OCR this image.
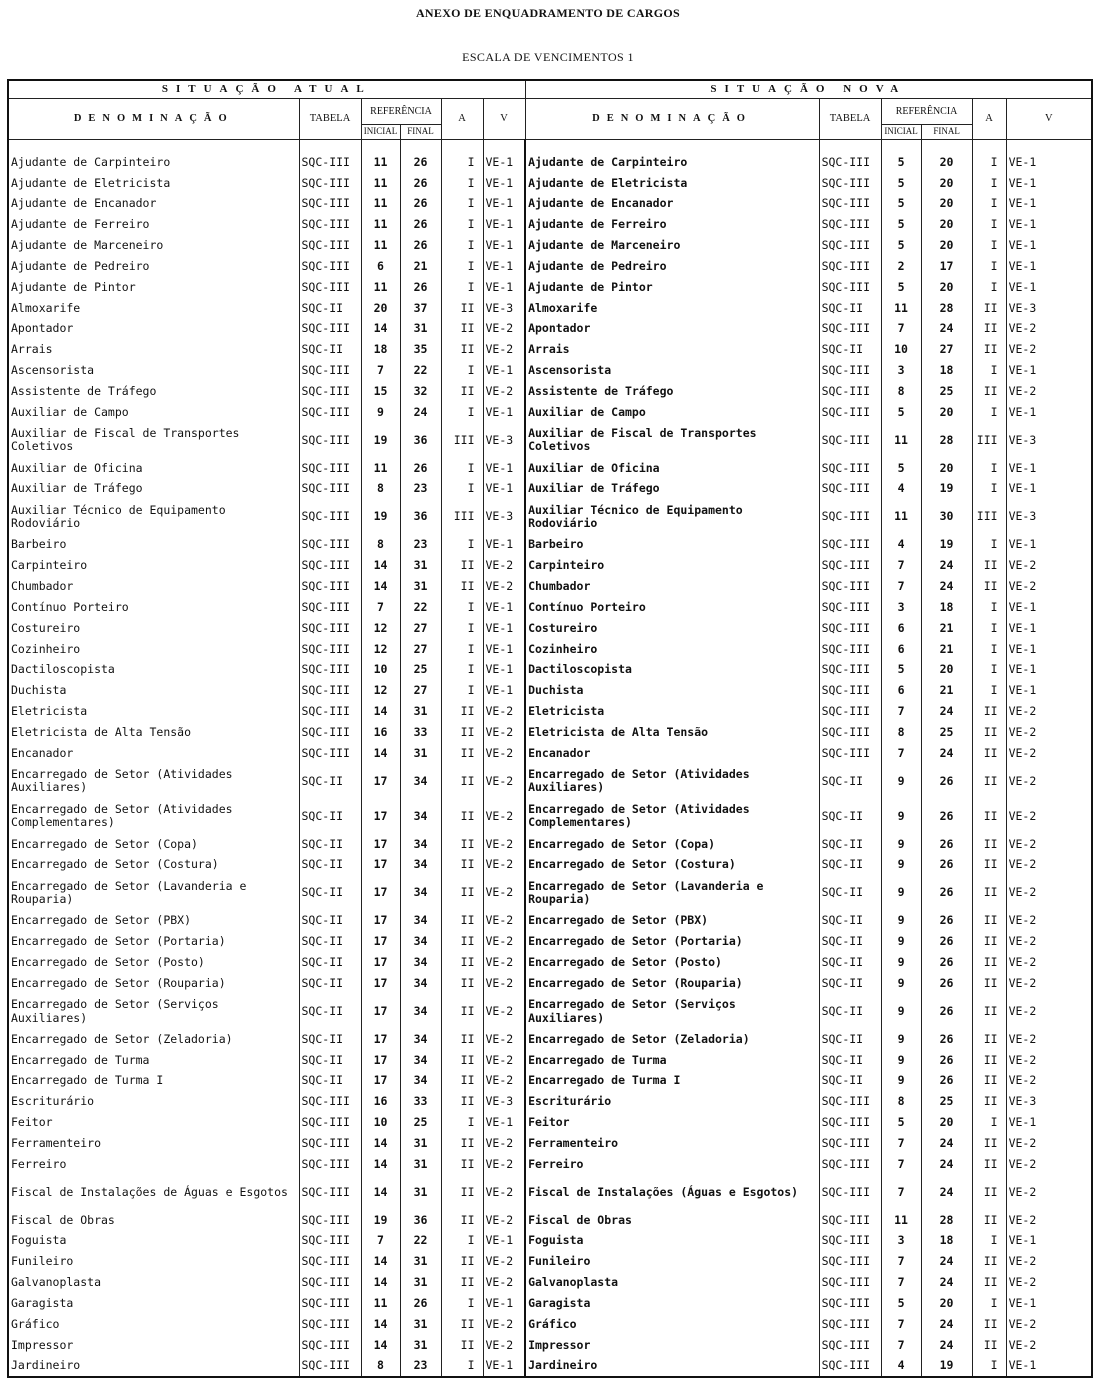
ANEXO DE ENQUADRAMENTO DE CARGOS
ESCALA DE VENCIMENTOS 1
SITUAÇÃO ATUAL						SITUAÇÃO NOVA					
DENOMINAÇÃO	TABELA	REFERÊNCIA		A	V	DENOMINAÇÃO	TABELA	REFERÊNCIA		A	V
		INICIAL	FINAL					INICIAL	FINAL		

Ajudante de Carpinteiro	SQC-III	11	26	I	VE-1	Ajudante de Carpinteiro	SQC-III	5	20	I	VE-1
Ajudante de Eletricista	SQC-III	11	26	I	VE-1	Ajudante de Eletricista	SQC-III	5	20	I	VE-1
Ajudante de Encanador	SQC-III	11	26	I	VE-1	Ajudante de Encanador	SQC-III	5	20	I	VE-1
Ajudante de Ferreiro	SQC-III	11	26	I	VE-1	Ajudante de Ferreiro	SQC-III	5	20	I	VE-1
Ajudante de Marceneiro	SQC-III	11	26	I	VE-1	Ajudante de Marceneiro	SQC-III	5	20	I	VE-1
Ajudante de Pedreiro	SQC-III	6	21	I	VE-1	Ajudante de Pedreiro	SQC-III	2	17	I	VE-1
Ajudante de Pintor	SQC-III	11	26	I	VE-1	Ajudante de Pintor	SQC-III	5	20	I	VE-1
Almoxarife	SQC-II	20	37	II	VE-3	Almoxarife	SQC-II	11	28	II	VE-3
Apontador	SQC-III	14	31	II	VE-2	Apontador	SQC-III	7	24	II	VE-2
Arrais	SQC-II	18	35	II	VE-2	Arrais	SQC-II	10	27	II	VE-2
Ascensorista	SQC-III	7	22	I	VE-1	Ascensorista	SQC-III	3	18	I	VE-1
Assistente de Tráfego	SQC-III	15	32	II	VE-2	Assistente de Tráfego	SQC-III	8	25	II	VE-2
Auxiliar de Campo	SQC-III	9	24	I	VE-1	Auxiliar de Campo	SQC-III	5	20	I	VE-1
Auxiliar de Fiscal de Transportes Coletivos	SQC-III	19	36	III	VE-3	Auxiliar de Fiscal de Transportes Coletivos	SQC-III	11	28	III	VE-3
Auxiliar de Oficina	SQC-III	11	26	I	VE-1	Auxiliar de Oficina	SQC-III	5	20	I	VE-1
Auxiliar de Tráfego	SQC-III	8	23	I	VE-1	Auxiliar de Tráfego	SQC-III	4	19	I	VE-1
Auxiliar Técnico de Equipamento Rodoviário	SQC-III	19	36	III	VE-3	Auxiliar Técnico de Equipamento Rodoviário	SQC-III	11	30	III	VE-3
Barbeiro	SQC-III	8	23	I	VE-1	Barbeiro	SQC-III	4	19	I	VE-1
Carpinteiro	SQC-III	14	31	II	VE-2	Carpinteiro	SQC-III	7	24	II	VE-2
Chumbador	SQC-III	14	31	II	VE-2	Chumbador	SQC-III	7	24	II	VE-2
Contínuo Porteiro	SQC-III	7	22	I	VE-1	Contínuo Porteiro	SQC-III	3	18	I	VE-1
Costureiro	SQC-III	12	27	I	VE-1	Costureiro	SQC-III	6	21	I	VE-1
Cozinheiro	SQC-III	12	27	I	VE-1	Cozinheiro	SQC-III	6	21	I	VE-1
Dactiloscopista	SQC-III	10	25	I	VE-1	Dactiloscopista	SQC-III	5	20	I	VE-1
Duchista	SQC-III	12	27	I	VE-1	Duchista	SQC-III	6	21	I	VE-1
Eletricista	SQC-III	14	31	II	VE-2	Eletricista	SQC-III	7	24	II	VE-2
Eletricista de Alta Tensão	SQC-III	16	33	II	VE-2	Eletricista de Alta Tensão	SQC-III	8	25	II	VE-2
Encanador	SQC-III	14	31	II	VE-2	Encanador	SQC-III	7	24	II	VE-2
Encarregado de Setor (Atividades Auxiliares)	SQC-II	17	34	II	VE-2	Encarregado de Setor (Atividades Auxiliares)	SQC-II	9	26	II	VE-2
Encarregado de Setor (Atividades Complementares)	SQC-II	17	34	II	VE-2	Encarregado de Setor (Atividades Complementares)	SQC-II	9	26	II	VE-2
Encarregado de Setor (Copa)	SQC-II	17	34	II	VE-2	Encarregado de Setor (Copa)	SQC-II	9	26	II	VE-2
Encarregado de Setor (Costura)	SQC-II	17	34	II	VE-2	Encarregado de Setor (Costura)	SQC-II	9	26	II	VE-2
Encarregado de Setor (Lavanderia e Rouparia)	SQC-II	17	34	II	VE-2	Encarregado de Setor (Lavanderia e Rouparia)	SQC-II	9	26	II	VE-2
Encarregado de Setor (PBX)	SQC-II	17	34	II	VE-2	Encarregado de Setor (PBX)	SQC-II	9	26	II	VE-2
Encarregado de Setor (Portaria)	SQC-II	17	34	II	VE-2	Encarregado de Setor (Portaria)	SQC-II	9	26	II	VE-2
Encarregado de Setor (Posto)	SQC-II	17	34	II	VE-2	Encarregado de Setor (Posto)	SQC-II	9	26	II	VE-2
Encarregado de Setor (Rouparia)	SQC-II	17	34	II	VE-2	Encarregado de Setor (Rouparia)	SQC-II	9	26	II	VE-2
Encarregado de Setor (Serviços Auxiliares)	SQC-II	17	34	II	VE-2	Encarregado de Setor (Serviços Auxiliares)	SQC-II	9	26	II	VE-2
Encarregado de Setor (Zeladoria)	SQC-II	17	34	II	VE-2	Encarregado de Setor (Zeladoria)	SQC-II	9	26	II	VE-2
Encarregado de Turma	SQC-II	17	34	II	VE-2	Encarregado de Turma	SQC-II	9	26	II	VE-2
Encarregado de Turma I	SQC-II	17	34	II	VE-2	Encarregado de Turma I	SQC-II	9	26	II	VE-2
Escriturário	SQC-III	16	33	II	VE-3	Escriturário	SQC-III	8	25	II	VE-3
Feitor	SQC-III	10	25	I	VE-1	Feitor	SQC-III	5	20	I	VE-1
Ferramenteiro	SQC-III	14	31	II	VE-2	Ferramenteiro	SQC-III	7	24	II	VE-2
Ferreiro	SQC-III	14	31	II	VE-2	Ferreiro	SQC-III	7	24	II	VE-2
Fiscal de Instalações de Águas e Esgotos	SQC-III	14	31	II	VE-2	Fiscal de Instalações (Águas e Esgotos)	SQC-III	7	24	II	VE-2
Fiscal de Obras	SQC-III	19	36	II	VE-2	Fiscal de Obras	SQC-III	11	28	II	VE-2
Foguista	SQC-III	7	22	I	VE-1	Foguista	SQC-III	3	18	I	VE-1
Funileiro	SQC-III	14	31	II	VE-2	Funileiro	SQC-III	7	24	II	VE-2
Galvanoplasta	SQC-III	14	31	II	VE-2	Galvanoplasta	SQC-III	7	24	II	VE-2
Garagista	SQC-III	11	26	I	VE-1	Garagista	SQC-III	5	20	I	VE-1
Gráfico	SQC-III	14	31	II	VE-2	Gráfico	SQC-III	7	24	II	VE-2
Impressor	SQC-III	14	31	II	VE-2	Impressor	SQC-III	7	24	II	VE-2
Jardineiro	SQC-III	8	23	I	VE-1	Jardineiro	SQC-III	4	19	I	VE-1
